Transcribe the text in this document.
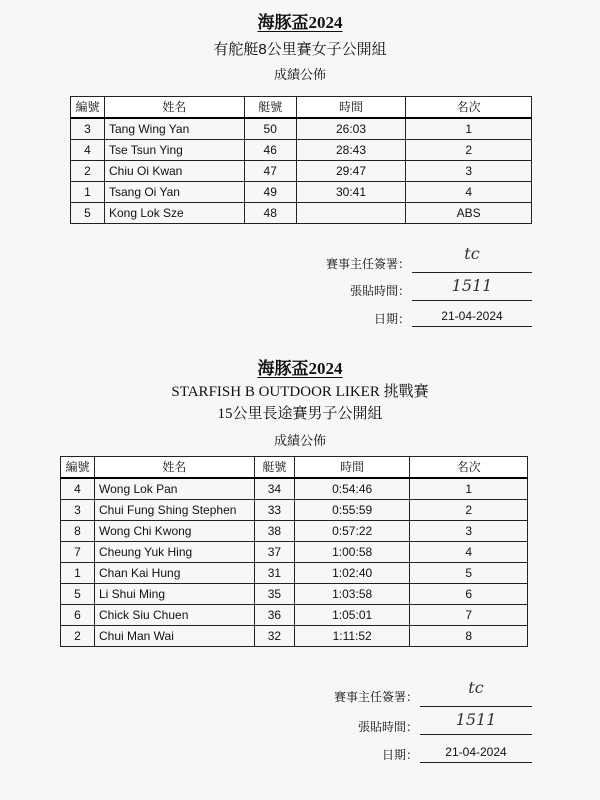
海豚盃2024
有舵艇8公里賽女子公開組
成績公佈
編號	姓名	艇號	時間	名次
3	Tang Wing Yan	50	26:03	1
4	Tse Tsun Ying	46	28:43	2
2	Chiu Oi Kwan	47	29:47	3
1	Tsang Oi Yan	49	30:41	4
5	Kong Lok Sze	48		ABS
賽事主任簽署：
tc
張貼時間：	1511
日期：	21-04-2024
海豚盃2024
STARFISH B OUTDOOR LIKER 挑戰賽
15公里長途賽男子公開組
成績公佈
編號	姓名	艇號	時間	名次
4	Wong Lok Pan	34	0:54:46	1
3	Chui Fung Shing Stephen	33	0:55:59	2
8	Wong Chi Kwong	38	0:57:22	3
7	Cheung Yuk Hing	37	1:00:58	4
1	Chan Kai Hung	31	1:02:40	5
5	Li Shui Ming	35	1:03:58	6
6	Chick Siu Chuen	36	1:05:01	7
2	Chui Man Wai	32	1:11:52	8
賽事主任簽署：	tc
張貼時間：	1511
日期：	21-04-2024
